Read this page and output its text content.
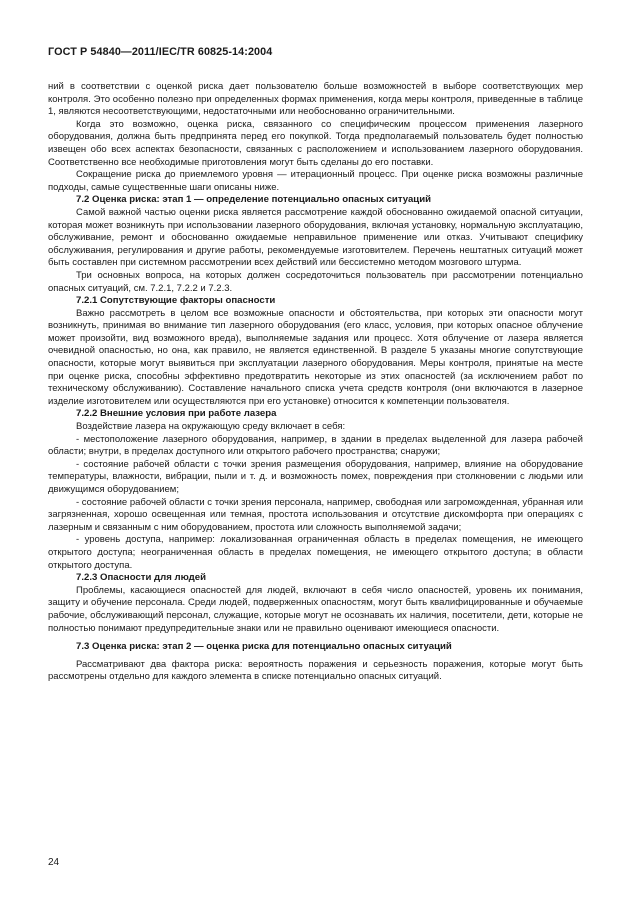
ГОСТ Р 54840—2011/IEC/TR 60825-14:2004

ний в соответствии с оценкой риска дает пользователю больше возможностей в выборе соответствующих мер контроля. Это особенно полезно при определенных формах применения, когда меры контроля, приведенные в таблице 1, являются несоответствующими, недостаточными или необоснованно ограничительными.

Когда это возможно, оценка риска, связанного со специфическим процессом применения лазерного оборудования, должна быть предпринята перед его покупкой. Тогда предполагаемый пользователь будет полностью извещен обо всех аспектах безопасности, связанных с расположением и использованием лазерного оборудования. Соответственно все необходимые приготовления могут быть сделаны до его поставки.

Сокращение риска до приемлемого уровня — итерационный процесс. При оценке риска возможны различные подходы, самые существенные шаги описаны ниже.

7.2 Оценка риска: этап 1 — определение потенциально опасных ситуаций

Самой важной частью оценки риска является рассмотрение каждой обоснованно ожидаемой опасной ситуации, которая может возникнуть при использовании лазерного оборудования, включая установку, нормальную эксплуатацию, обслуживание, ремонт и обоснованно ожидаемые неправильное применение или отказ. Учитывают специфику обслуживания, регулирования и другие работы, рекомендуемые изготовителем. Перечень нештатных ситуаций может быть составлен при системном рассмотрении всех действий или бессистемно методом мозгового штурма.

Три основных вопроса, на которых должен сосредоточиться пользователь при рассмотрении потенциально опасных ситуаций, см. 7.2.1, 7.2.2 и 7.2.3.

7.2.1 Сопутствующие факторы опасности

Важно рассмотреть в целом все возможные опасности и обстоятельства, при которых эти опасности могут возникнуть, принимая во внимание тип лазерного оборудования (его класс, условия, при которых опасное облучение может произойти, вид возможного вреда), выполняемые задания или процесс. Хотя облучение от лазера является очевидной опасностью, но она, как правило, не является единственной. В разделе 5 указаны многие сопутствующие опасности, которые могут выявиться при эксплуатации лазерного оборудования. Меры контроля, принятые на месте при оценке риска, способны эффективно предотвратить некоторые из этих опасностей (за исключением работ по техническому обслуживанию). Составление начального списка учета средств контроля (они включаются в лазерное изделие изготовителем или осуществляются при его установке) относится к компетенции пользователя.

7.2.2 Внешние условия при работе лазера

Воздействие лазера на окружающую среду включает в себя:

- местоположение лазерного оборудования, например, в здании в пределах выделенной для лазера рабочей области; внутри, в пределах доступного или открытого рабочего пространства; снаружи;

- состояние рабочей области с точки зрения размещения оборудования, например, влияние на оборудование температуры, влажности, вибрации, пыли и т. д. и возможность помех, повреждения при столкновении с людьми или движущимся оборудованием;

- состояние рабочей области с точки зрения персонала, например, свободная или загроможденная, убранная или загрязненная, хорошо освещенная или темная, простота использования и отсутствие дискомфорта при операциях с лазерным и связанным с ним оборудованием, простота или сложность выполняемой задачи;

- уровень доступа, например: локализованная ограниченная область в пределах помещения, не имеющего открытого доступа; неограниченная область в пределах помещения, не имеющего открытого доступа; в области открытого доступа.

7.2.3 Опасности для людей

Проблемы, касающиеся опасностей для людей, включают в себя число опасностей, уровень их понимания, защиту и обучение персонала. Среди людей, подверженных опасностям, могут быть квалифицированные и обучаемые рабочие, обслуживающий персонал, служащие, которые могут не осознавать их наличия, посетители, дети, которые не полностью понимают предупредительные знаки или не правильно оценивают имеющиеся опасности.

7.3 Оценка риска: этап 2 — оценка риска для потенциально опасных ситуаций

Рассматривают два фактора риска: вероятность поражения и серьезность поражения, которые могут быть рассмотрены отдельно для каждого элемента в списке потенциально опасных ситуаций.

24
